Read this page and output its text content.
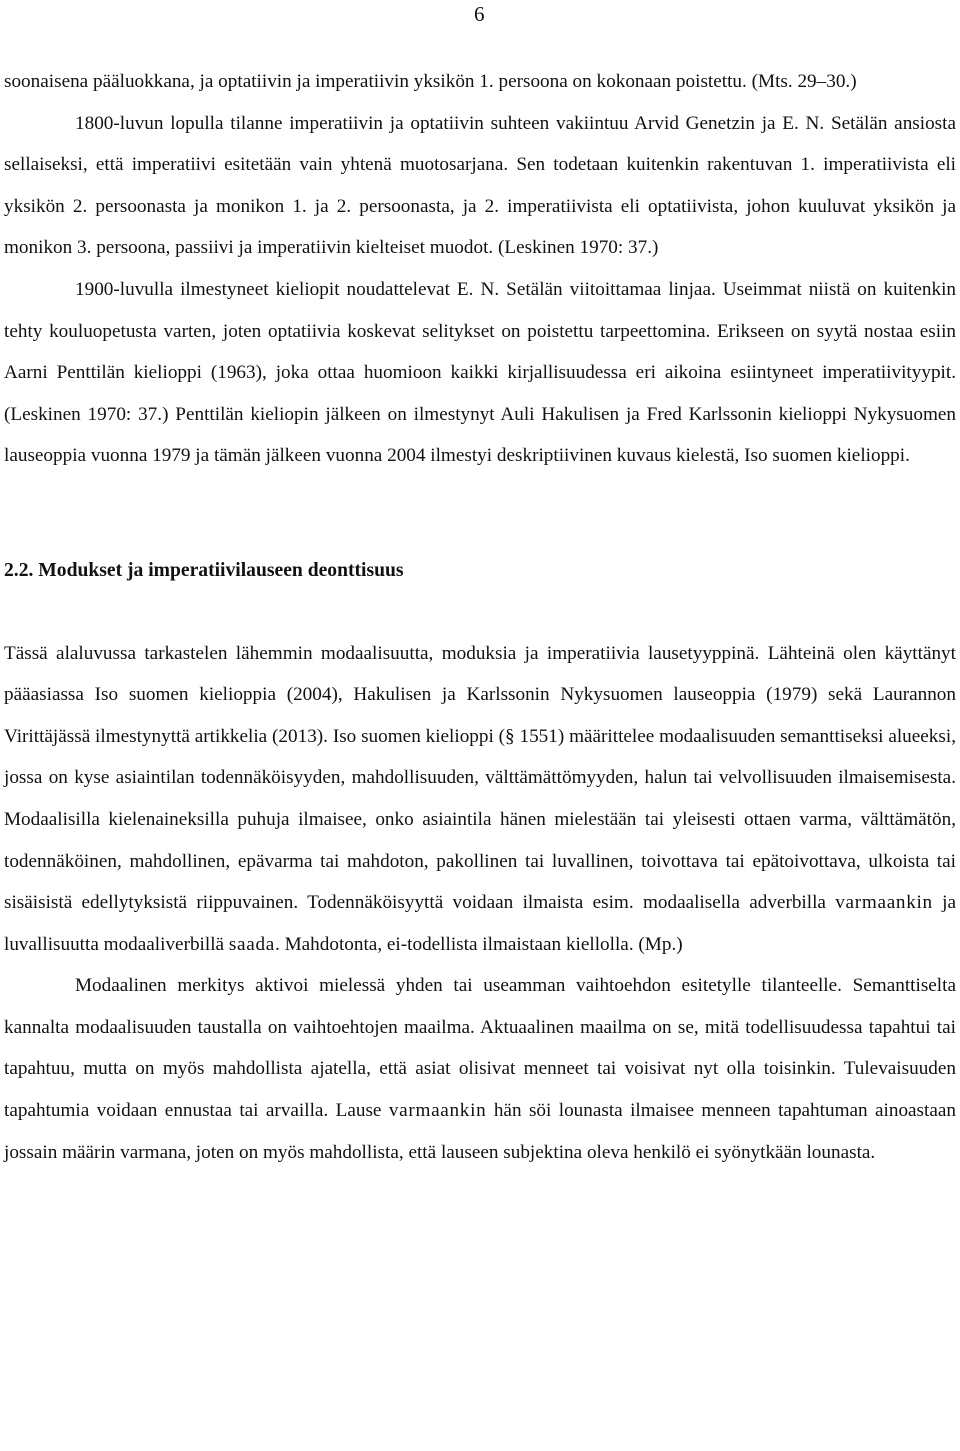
6

soonaisena pääluokkana, ja optatiivin ja imperatiivin yksikön 1. persoona on kokonaan poistettu. (Mts. 29–30.)

1800-luvun lopulla tilanne imperatiivin ja optatiivin suhteen vakiintuu Arvid Genetzin ja E. N. Setälän ansiosta sellaiseksi, että imperatiivi esitetään vain yhtenä muotosarjana. Sen todetaan kuitenkin rakentuvan 1. imperatiivista eli yksikön 2. persoonasta ja monikon 1. ja 2. persoonasta, ja 2. imperatiivista eli optatiivista, johon kuuluvat yksikön ja monikon 3. persoona, passiivi ja imperatiivin kielteiset muodot. (Leskinen 1970: 37.)

1900-luvulla ilmestyneet kieliopit noudattelevat E. N. Setälän viitoittamaa linjaa. Useimmat niistä on kuitenkin tehty kouluopetusta varten, joten optatiivia koskevat selitykset on poistettu tarpeettomina. Erikseen on syytä nostaa esiin Aarni Penttilän kielioppi (1963), joka ottaa huomioon kaikki kirjallisuudessa eri aikoina esiintyneet imperatiivityypit. (Leskinen 1970: 37.) Penttilän kieliopin jälkeen on ilmestynyt Auli Hakulisen ja Fred Karlssonin kielioppi Nykysuomen lauseoppia vuonna 1979 ja tämän jälkeen vuonna 2004 ilmestyi deskriptiivinen kuvaus kielestä, Iso suomen kielioppi.

2.2. Modukset ja imperatiivilauseen deonttisuus

Tässä alaluvussa tarkastelen lähemmin modaalisuutta, moduksia ja imperatiivia lausetyyppinä. Lähteinä olen käyttänyt pääasiassa Iso suomen kielioppia (2004), Hakulisen ja Karlssonin Nykysuomen lauseoppia (1979) sekä Laurannon Virittäjässä ilmestynyttä artikkelia (2013). Iso suomen kielioppi (§ 1551) määrittelee modaalisuuden semanttiseksi alueeksi, jossa on kyse asiaintilan todennäköisyyden, mahdollisuuden, välttämättömyyden, halun tai velvollisuuden ilmaisemisesta. Modaalisilla kielenaineksilla puhuja ilmaisee, onko asiaintila hänen mielestään tai yleisesti ottaen varma, välttämätön, todennäköinen, mahdollinen, epävarma tai mahdoton, pakollinen tai luvallinen, toivottava tai epätoivottava, ulkoista tai sisäisistä edellytyksistä riippuvainen. Todennäköisyyttä voidaan ilmaista esim. modaalisella adverbilla varmaankin ja luvallisuutta modaaliverbillä saada. Mahdotonta, ei-todellista ilmaistaan kiellolla. (Mp.)

Modaalinen merkitys aktivoi mielessä yhden tai useamman vaihtoehdon esitetylle tilanteelle. Semanttiselta kannalta modaalisuuden taustalla on vaihtoehtojen maailma. Aktuaalinen maailma on se, mitä todellisuudessa tapahtui tai tapahtuu, mutta on myös mahdollista ajatella, että asiat olisivat menneet tai voisivat nyt olla toisinkin. Tulevaisuuden tapahtumia voidaan ennustaa tai arvailla. Lause varmaankin hän söi lounasta ilmaisee menneen tapahtuman ainoastaan jossain määrin varmana, joten on myös mahdollista, että lauseen subjektina oleva henkilö ei syönytkään lounasta.
